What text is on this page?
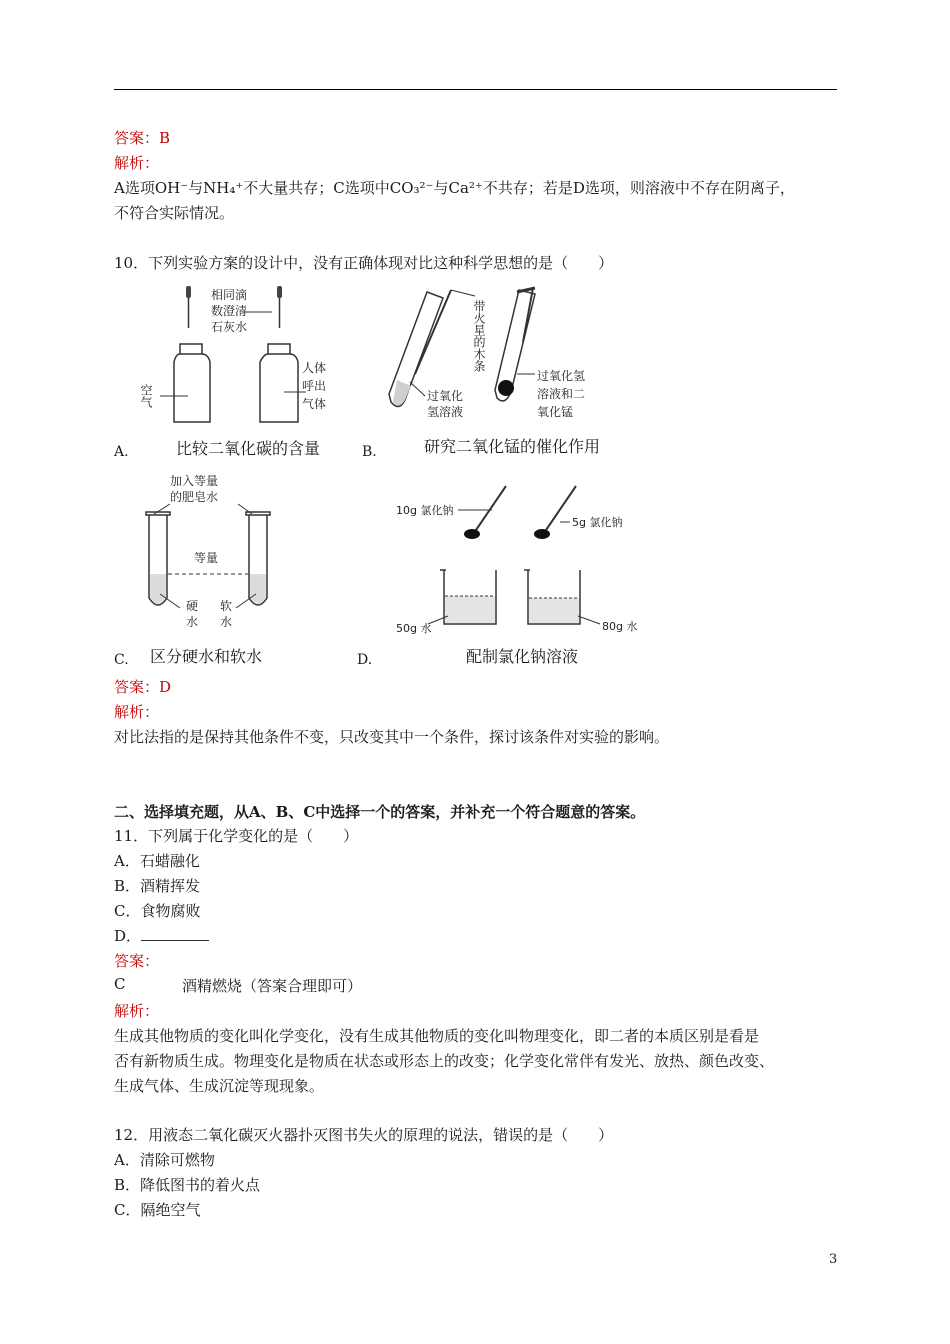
答案：B
解析：
A选项OH⁻与NH₄⁺不大量共存；C选项中CO₃²⁻与Ca²⁺不共存；若是D选项，则溶液中不存在阴离子，
不符合实际情况。
10．下列实验方案的设计中，没有正确体现对比这种科学思想的是（　　）
A.
相同滴
数澄清
石灰水
空气
人体
呼出
气体
比较二氧化碳的含量	B.
带火星的木条
过氧化
氢溶液
过氧化氢
溶液和二
氧化锰
研究二氧化锰的催化作用
C.
加入等量
的肥皂水
等量
硬
水
软
水
区分硬水和软水	D.
10g 氯化钠
5g 氯化钠
50g 水	80g 水
配制氯化钠溶液
答案：D
解析：
对比法指的是保持其他条件不变，只改变其中一个条件，探讨该条件对实验的影响。
二、选择填充题，从A、B、C中选择一个的答案，并补充一个符合题意的答案。
11．下列属于化学变化的是（　　）
A．石蜡融化
B．酒精挥发
C．食物腐败
D．
答案：
C	酒精燃烧（答案合理即可）
解析：
生成其他物质的变化叫化学变化，没有生成其他物质的变化叫物理变化，即二者的本质区别是看是
否有新物质生成。物理变化是物质在状态或形态上的改变；化学变化常伴有发光、放热、颜色改变、
生成气体、生成沉淀等现现象。
12．用液态二氧化碳灭火器扑灭图书失火的原理的说法，错误的是（　　）
A．清除可燃物
B．降低图书的着火点
C．隔绝空气
3
